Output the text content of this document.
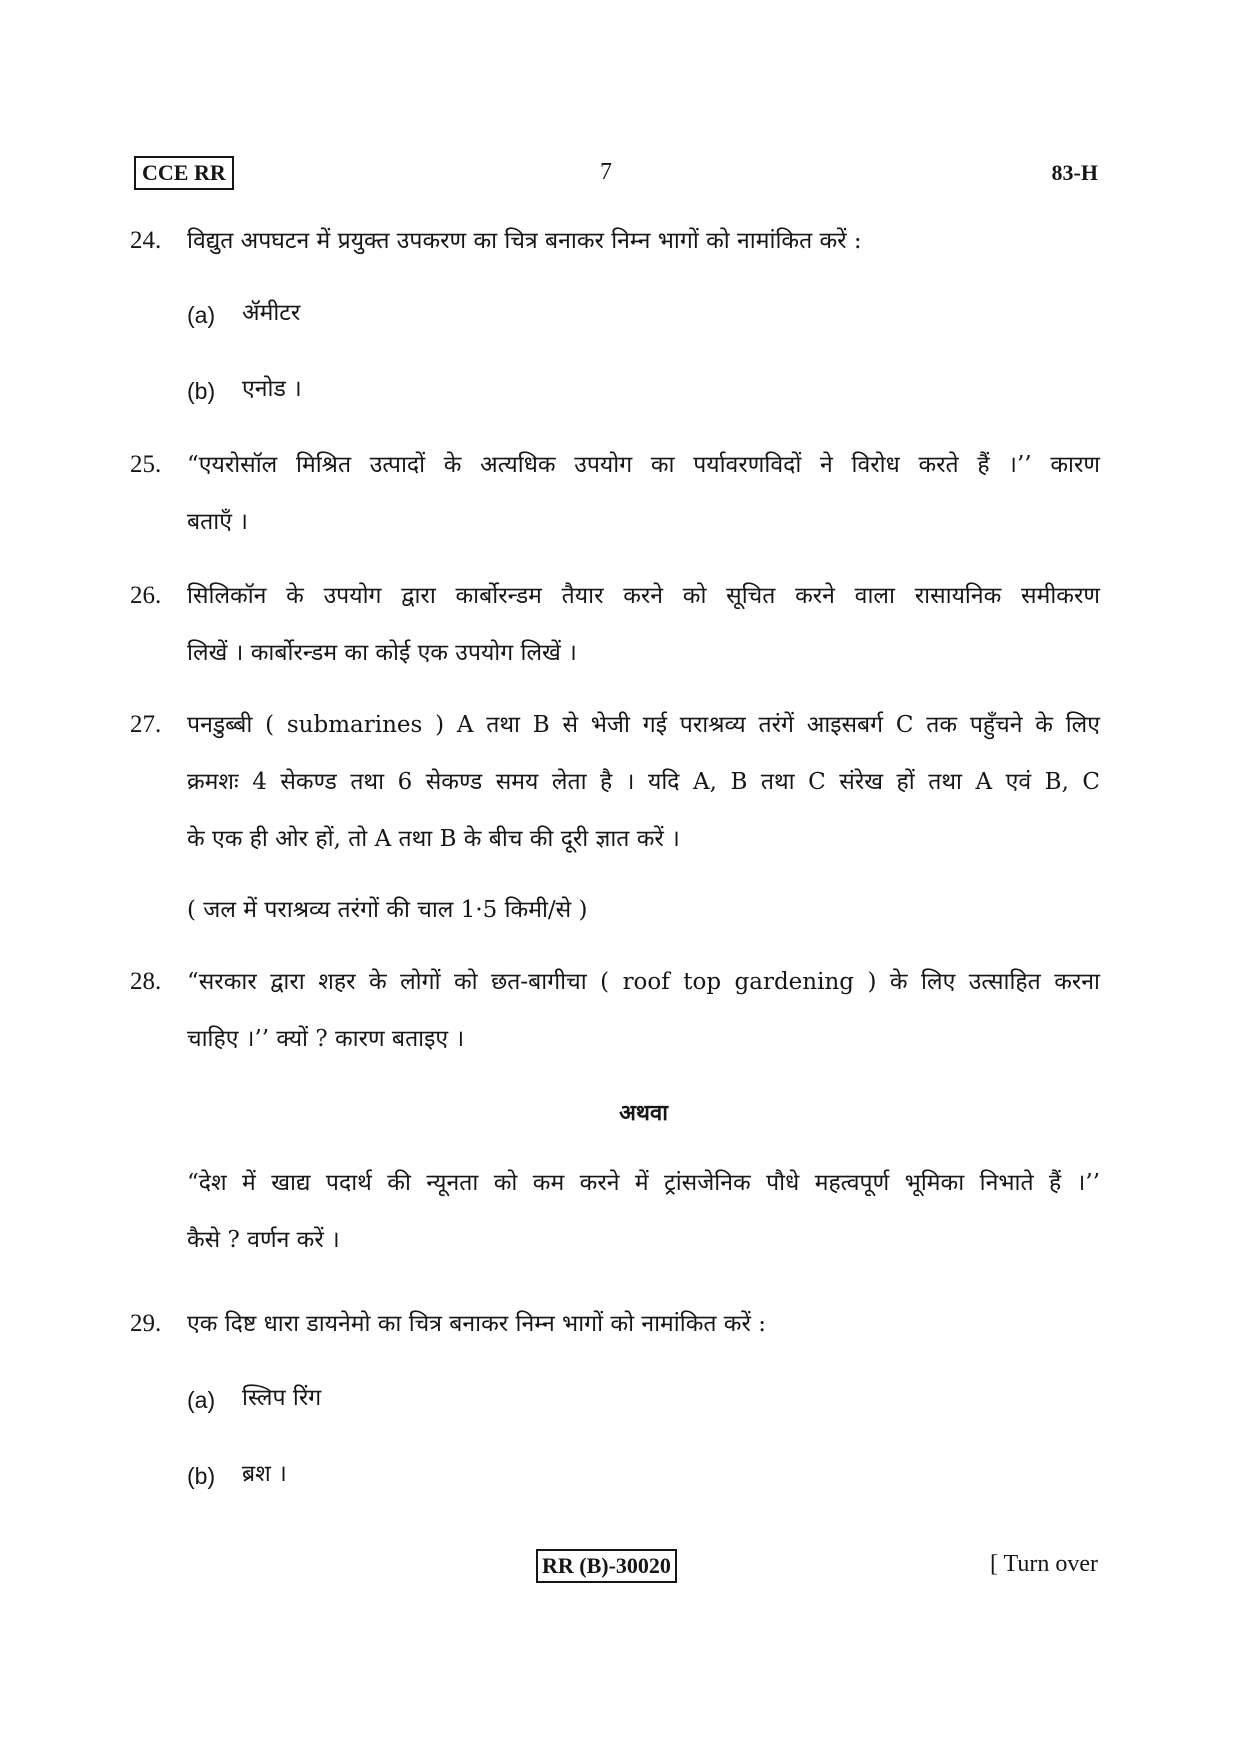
CCE RR	7	83-H
24. विद्युत अपघटन में प्रयुक्त उपकरण का चित्र बनाकर निम्न भागों को नामांकित करें :
(a) ॲमीटर
(b) एनोड ।
25. “एयरोसॉल मिश्रित उत्पादों के अत्यधिक उपयोग का पर्यावरणविदों ने विरोध करते हैं ।’’ कारण
बताएँ ।
26. सिलिकॉन के उपयोग द्वारा कार्बोरन्डम तैयार करने को सूचित करने वाला रासायनिक समीकरण
लिखें । कार्बोरन्डम का कोई एक उपयोग लिखें ।
27. पनडुब्बी ( submarines ) A तथा B से भेजी गई पराश्रव्य तरंगें आइसबर्ग C तक पहुँचने के लिए
क्रमशः 4 सेकण्ड तथा 6 सेकण्ड समय लेता है । यदि A, B तथा C संरेख हों तथा A एवं B, C
के एक ही ओर हों, तो A तथा B के बीच की दूरी ज्ञात करें ।
( जल में पराश्रव्य तरंगों की चाल 1·5 किमी/से )
28. “सरकार द्वारा शहर के लोगों को छत-बागीचा ( roof top gardening ) के लिए उत्साहित करना
चाहिए ।’’ क्यों ? कारण बताइए ।
अथवा
“देश में खाद्य पदार्थ की न्यूनता को कम करने में ट्रांसजेनिक पौधे महत्वपूर्ण भूमिका निभाते हैं ।’’
कैसे ? वर्णन करें ।
29. एक दिष्ट धारा डायनेमो का चित्र बनाकर निम्न भागों को नामांकित करें :
(a) स्लिप रिंग
(b) ब्रश ।
RR (B)-30020	[ Turn over
